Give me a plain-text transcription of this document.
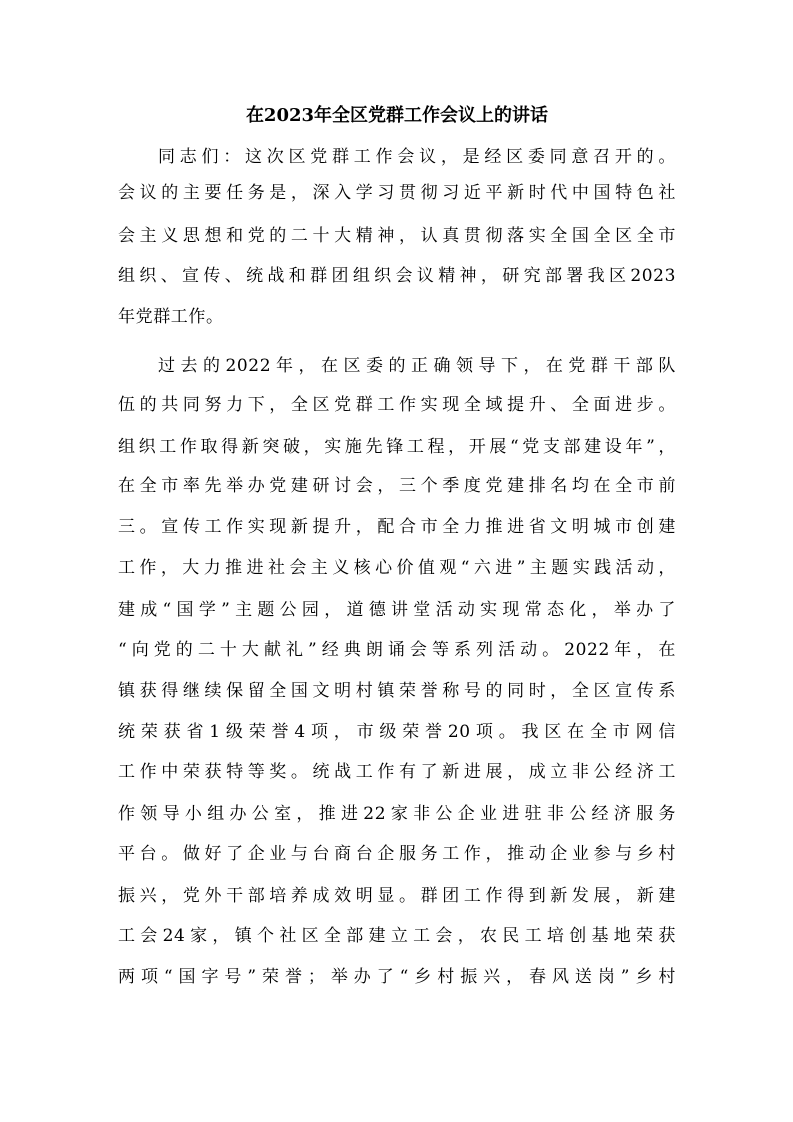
在2023年全区党群工作会议上的讲话
同志们：这次区党群工作会议，是经区委同意召开的。
会议的主要任务是，深入学习贯彻习近平新时代中国特色社
会主义思想和党的二十大精神，认真贯彻落实全国全区全市
组织、宣传、统战和群团组织会议精神，研究部署我区2023
年党群工作。
过去的2022年，在区委的正确领导下，在党群干部队
伍的共同努力下，全区党群工作实现全域提升、全面进步。
组织工作取得新突破，实施先锋工程，开展“党支部建设年”，
在全市率先举办党建研讨会，三个季度党建排名均在全市前
三。宣传工作实现新提升，配合市全力推进省文明城市创建
工作，大力推进社会主义核心价值观“六进”主题实践活动，
建成“国学”主题公园，道德讲堂活动实现常态化，举办了
“向党的二十大献礼”经典朗诵会等系列活动。2022年，在
镇获得继续保留全国文明村镇荣誉称号的同时，全区宣传系
统荣获省1级荣誉4项，市级荣誉20项。我区在全市网信
工作中荣获特等奖。统战工作有了新进展，成立非公经济工
作领导小组办公室，推进22家非公企业进驻非公经济服务
平台。做好了企业与台商台企服务工作，推动企业参与乡村
振兴，党外干部培养成效明显。群团工作得到新发展，新建
工会24家，镇个社区全部建立工会，农民工培创基地荣获
两项“国字号”荣誉；举办了“乡村振兴，春风送岗”乡村
